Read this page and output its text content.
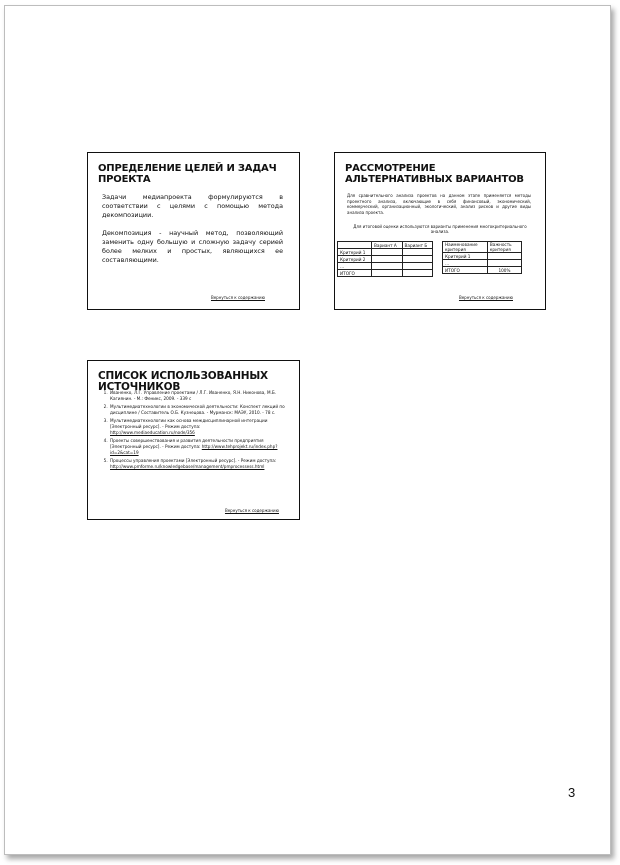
ОПРЕДЕЛЕНИЕ ЦЕЛЕЙ И ЗАДАЧ ПРОЕКТА

Задачи медиапроекта формулируются в соответствии с целями с помощью метода декомпозиции.

Декомпозиция - научный метод, позволяющий заменить одну большую и сложную задачу серией более мелких и простых, являющихся ее составляющими.

Вернуться к содержанию
РАССМОТРЕНИЕ АЛЬТЕРНАТИВНЫХ ВАРИАНТОВ

Для сравнительного анализа проектов на данном этапе применяется методы проектного анализа, включающие в себя финансовый, экономический, коммерческий, организационный, экологический, анализ рисков и другие виды анализа проекта.

Для итоговой оценки используются варианты применения многокритериального анализа.

	Вариант А	Вариант Б
Критерий 1		
Критерий 2		
…		
ИТОГО		
Наименование критерия	Важность критерия
Критерий 1	
…	
ИТОГО	100%
Вернуться к содержанию
СПИСОК ИСПОЛЬЗОВАННЫХ ИСТОЧНИКОВ
1. Иваненко, Л.Г. Управление проектами / Л.Г. Иваненко, Я.Н. Никонова, М.Б. Кагиянин. - М.: Феникс, 2009. - 339 с
2. Мультимедиатехнологии в экономической деятельности: Конспект лекций по дисциплине / Составитель О.Б. Кузнецова. - Мурманск: МАЭУ, 2010. - 78 с.
3. Мультимедиатехнологии как основа междисциплинарной интеграции [Электронный ресурс]. - Режим доступа: http://www.mediaeducation.ru/node/356
4. Проекты совершенствования и развития деятельности предприятия [Электронный ресурс]. - Режим доступа: http://www.tehprojekt.ru/index.php?id=2&cat=19
5. Процессы управления проектами [Электронный ресурс]. - Режим доступа: http://www.pmforme.ru/knowledgebase/management/pmprocessess.html
Вернуться к содержанию
3
